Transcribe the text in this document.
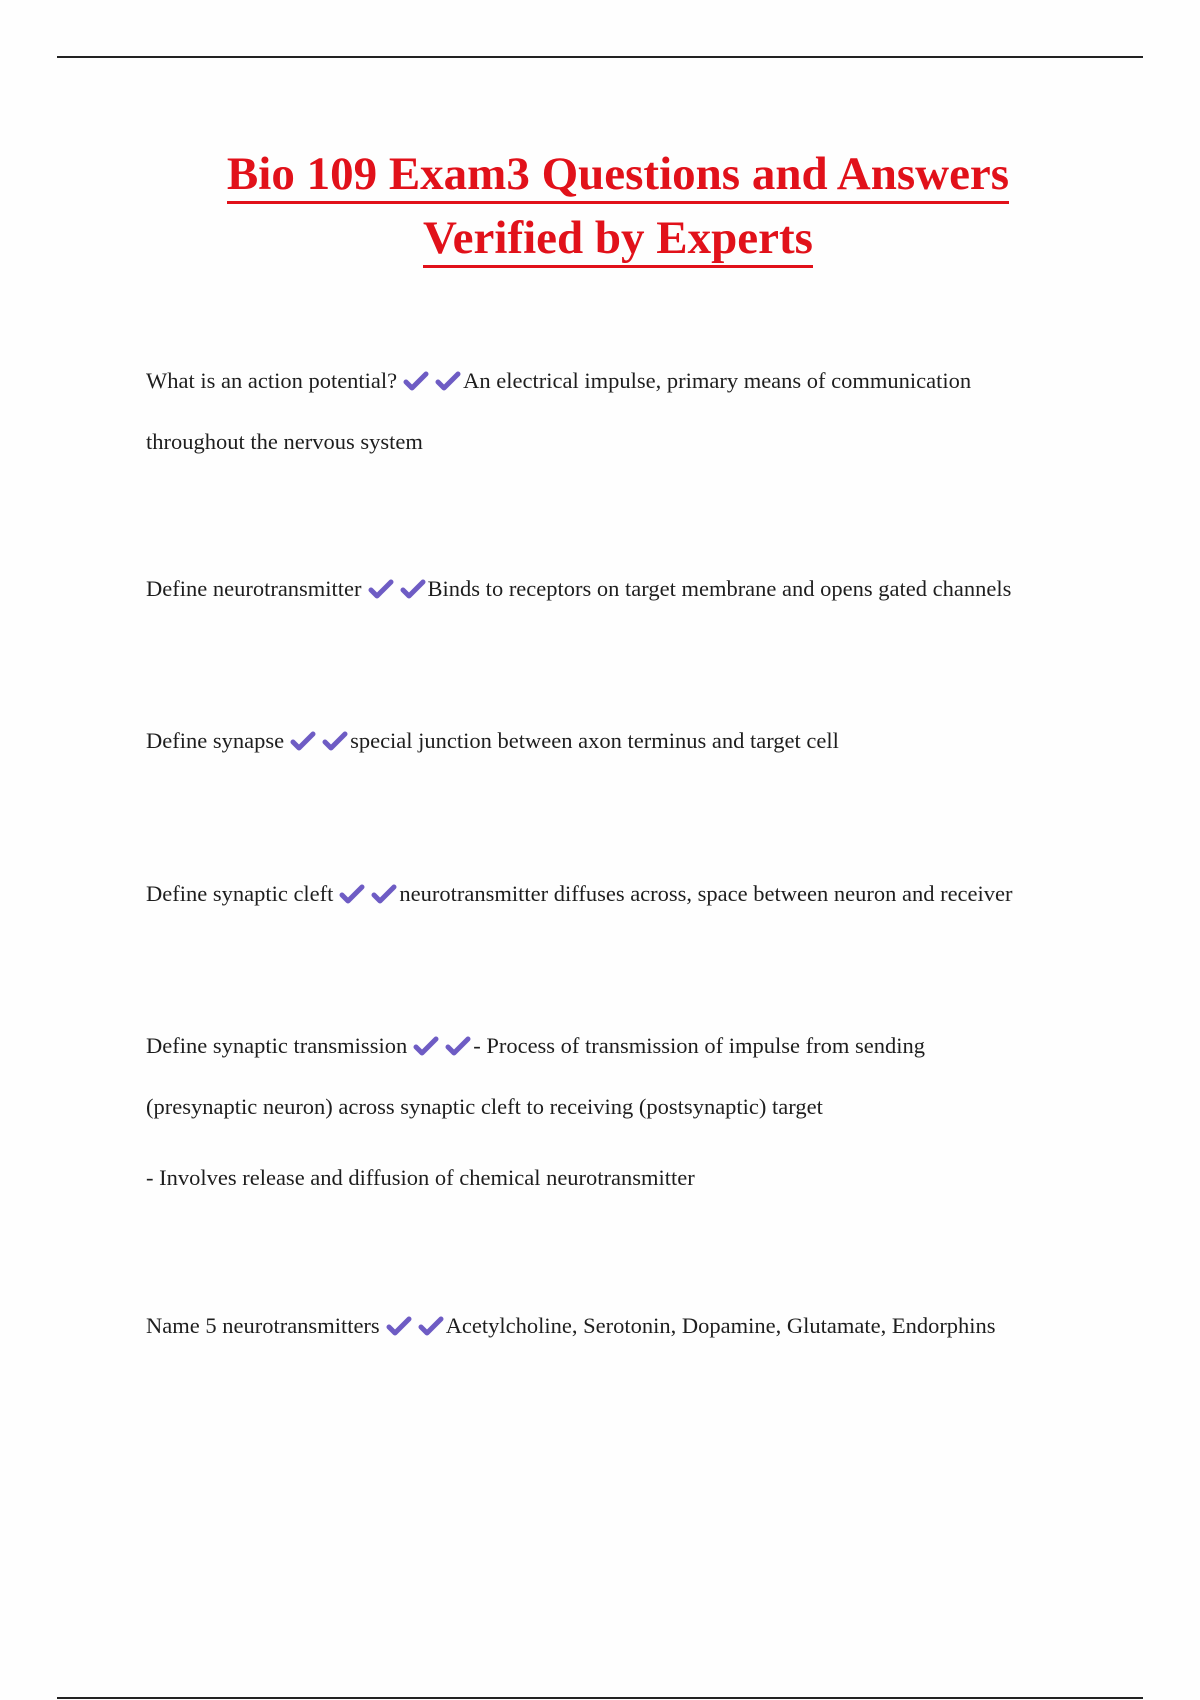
Bio 109 Exam3 Questions and Answers
Verified by Experts

What is an action potential?	An electrical impulse, primary means of communication

throughout the nervous system

Define neurotransmitter	Binds to receptors on target membrane and opens gated channels

Define synapse	special junction between axon terminus and target cell

Define synaptic cleft	neurotransmitter diffuses across, space between neuron and receiver

Define synaptic transmission	- Process of transmission of impulse from sending

(presynaptic neuron) across synaptic cleft to receiving (postsynaptic) target

- Involves release and diffusion of chemical neurotransmitter

Name 5 neurotransmitters	Acetylcholine, Serotonin, Dopamine, Glutamate, Endorphins
